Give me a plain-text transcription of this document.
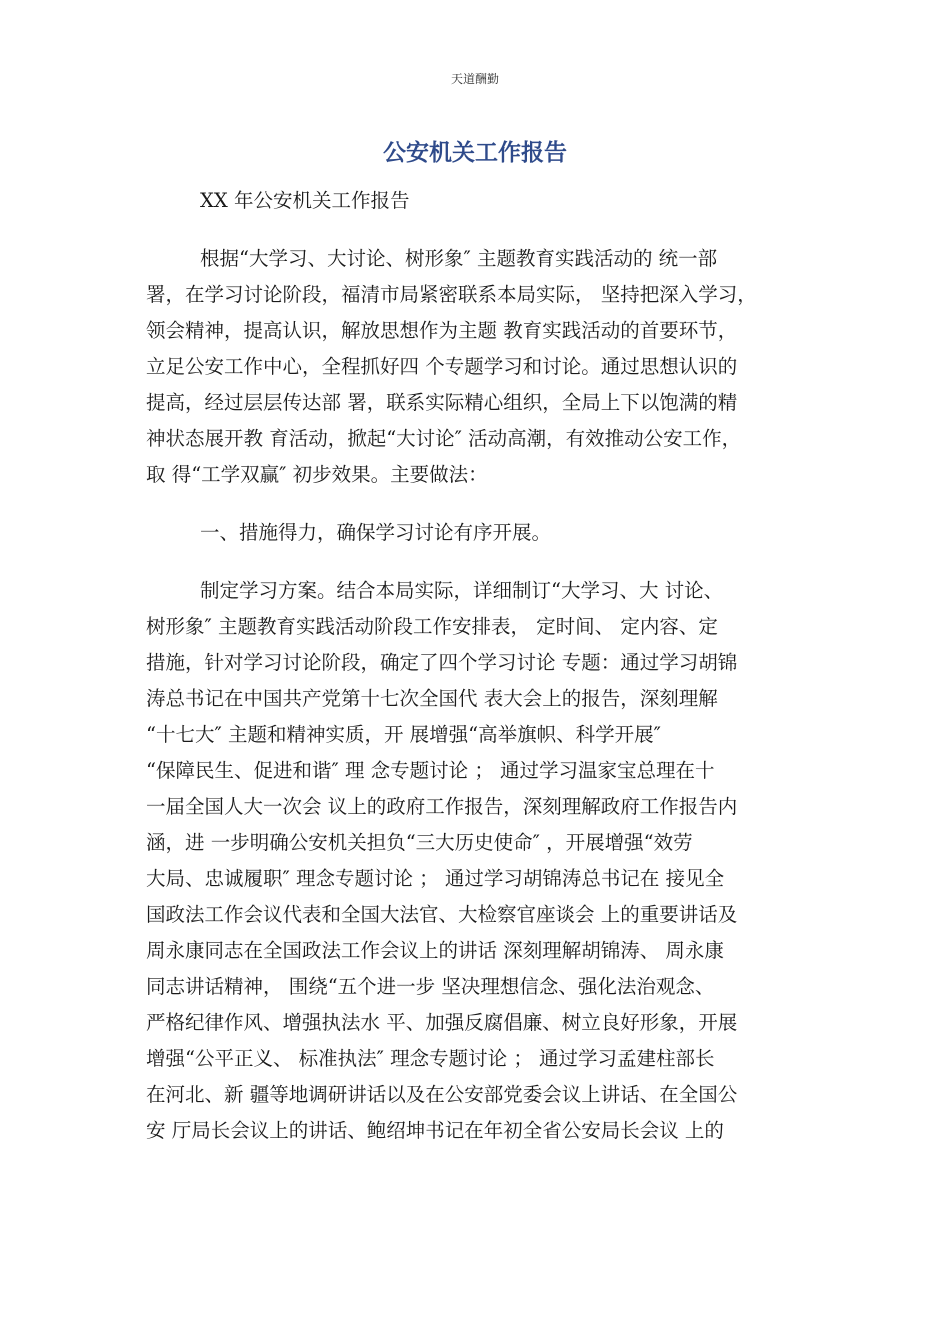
天道酬勤
公安机关工作报告

XX 年公安机关工作报告

根据“大学习、大讨论、树形象″ 主题教育实践活动的 统一部
署，在学习讨论阶段，福清市局紧密联系本局实际， 坚持把深入学习，
领会精神，提高认识，解放思想作为主题 教育实践活动的首要环节，
立足公安工作中心，全程抓好四 个专题学习和讨论。通过思想认识的
提高，经过层层传达部 署，联系实际精心组织，全局上下以饱满的精
神状态展开教 育活动，掀起“大讨论″ 活动高潮，有效推动公安工作，
取 得“工学双赢″ 初步效果。主要做法：

一、措施得力，确保学习讨论有序开展。

制定学习方案。结合本局实际，详细制订“大学习、大 讨论、
树形象″ 主题教育实践活动阶段工作安排表， 定时间、 定内容、定
措施，针对学习讨论阶段，确定了四个学习讨论 专题：通过学习胡锦
涛总书记在中国共产党第十七次全国代 表大会上的报告，深刻理解
“十七大″ 主题和精神实质，开 展增强“高举旗帜、科学开展″
“保障民生、促进和谐″ 理 念专题讨论 ； 通过学习温家宝总理在十
一届全国人大一次会 议上的政府工作报告，深刻理解政府工作报告内
涵，进 一步明确公安机关担负“三大历史使命″ ，开展增强“效劳
大局、忠诚履职″ 理念专题讨论 ； 通过学习胡锦涛总书记在 接见全
国政法工作会议代表和全国大法官、大检察官座谈会 上的重要讲话及
周永康同志在全国政法工作会议上的讲话 深刻理解胡锦涛、 周永康
同志讲话精神， 围绕“五个进一步 坚决理想信念、强化法治观念、
严格纪律作风、增强执法水 平、加强反腐倡廉、树立良好形象，开展
增强“公平正义、 标准执法″ 理念专题讨论 ； 通过学习孟建柱部长
在河北、新 疆等地调研讲话以及在公安部党委会议上讲话、在全国公
安 厅局长会议上的讲话、鲍绍坤书记在年初全省公安局长会议 上的
